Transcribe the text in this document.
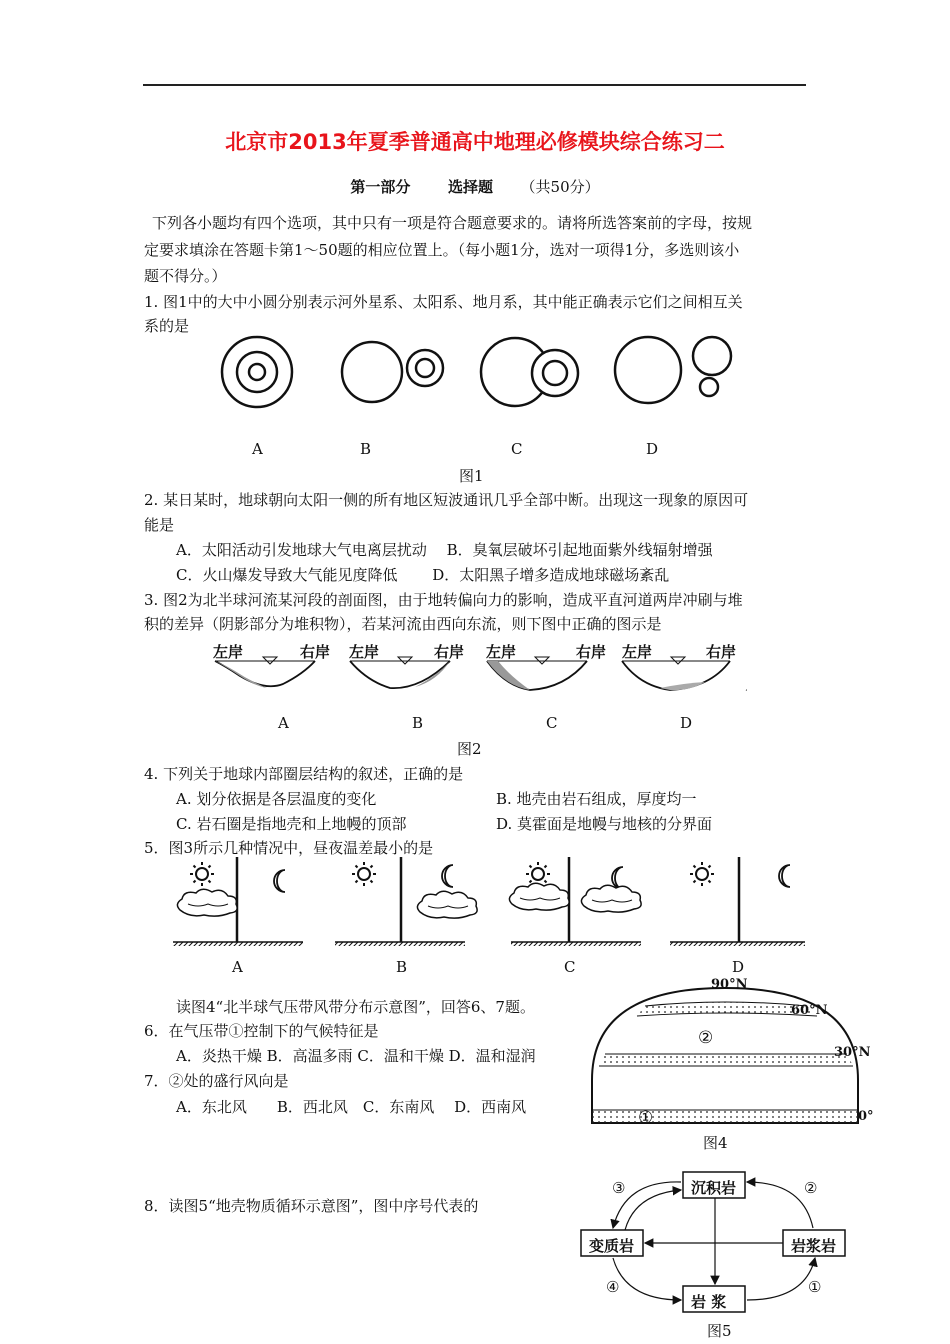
北京市2013年夏季普通高中地理必修模块综合练习二
第一部分	选择题 （共50分）
下列各小题均有四个选项，其中只有一项是符合题意要求的。请将所选答案前的字母，按规
定要求填涂在答题卡第1～50题的相应位置上。（每小题1分，选对一项得1分，多选则该小
题不得分。）
1. 图1中的大中小圆分别表示河外星系、太阳系、地月系，其中能正确表示它们之间相互关
系的是
A	B	C	D
图1
2. 某日某时，地球朝向太阳一侧的所有地区短波通讯几乎全部中断。出现这一现象的原因可
能是
A．太阳活动引发地球大气电离层扰动　 B．臭氧层破坏引起地面紫外线辐射增强
C．火山爆发导致大气能见度降低　　 D．太阳黑子增多造成地球磁场紊乱
3. 图2为北半球河流某河段的剖面图，由于地转偏向力的影响，造成平直河道两岸冲刷与堆
积的差异（阴影部分为堆积物），若某河流由西向东流，则下图中正确的图示是
،
左岸	右岸 左岸	右岸 左岸	右岸 左岸	右岸
A	B	C	D
图2
4. 下列关于地球内部圈层结构的叙述，正确的是
A. 划分依据是各层温度的变化	B. 地壳由岩石组成，厚度均一
C. 岩石圈是指地壳和上地幔的顶部	D. 莫霍面是地幔与地核的分界面
5．图3所示几种情况中，昼夜温差最小的是
A	B	C	D
读图4“北半球气压带风带分布示意图”，回答6、7题。
6．在气压带①控制下的气候特征是
A．炎热干燥 B．高温多雨 C．温和干燥 D．温和湿润
7．②处的盛行风向是
A．东北风　　B．西北风　C．东南风　 D．西南风
90°N
60°N
30°N
0°
②
①
图4
8．读图5“地壳物质循环示意图”，图中序号代表的
沉积岩
变质岩	岩浆岩
岩 浆
③	②
④	①
图5
